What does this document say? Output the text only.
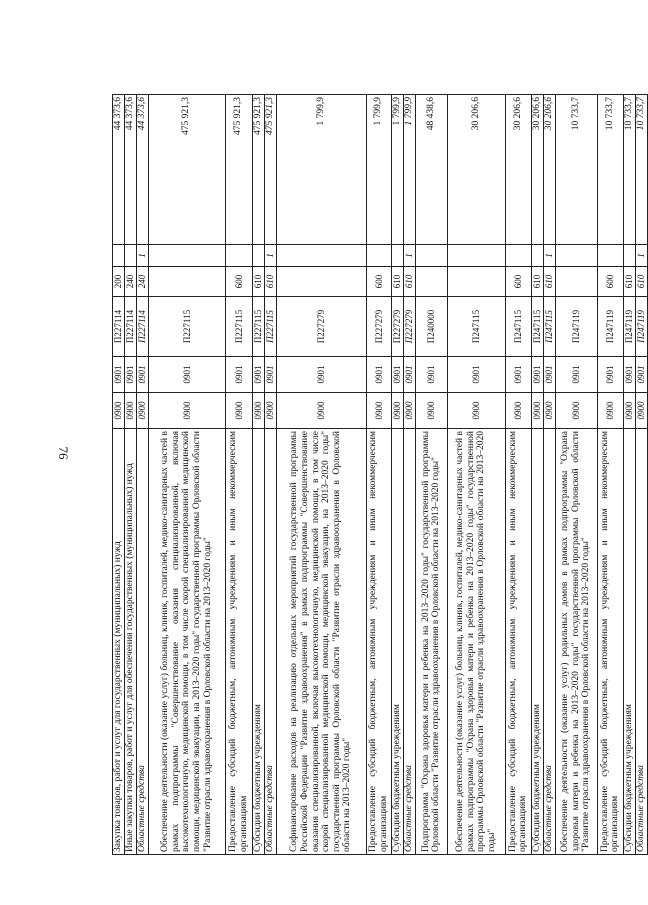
76
Закупка товаров, работ и услуг для государственных (муниципальных) нужд	0900	0901	П227114	200		44 373,6
Иные закупки товаров, работ и услуг для обеспечения государственных (муниципальных) нужд	0900	0901	П227114	240		44 373,6
Областные средства	0900	0901	П227114	240	1	44 373,6
Обеспечение деятельности (оказание услуг) больниц, клиник, госпиталей, медико-санитарных частей в рамках подпрограммы "Совершенствование оказания специализированной, включая высокотехнологичную, медицинской помощи, в том числе скорой специализированной медицинской помощи, медицинской эвакуации, на 2013–2020 годы" государственной программы Орловской области "Развитие отрасли здравоохранения в Орловской области на 2013–2020 годы"	0900	0901	П227115			475 921,3
Предоставление субсидий бюджетным, автономным учреждениям и иным некоммерческим организациям	0900	0901	П227115	600		475 921,3
Субсидии бюджетным учреждениям	0900	0901	П227115	610		475 921,3
Областные средства	0900	0901	П227115	610	1	475 921,3
Софинансирование расходов на реализацию отдельных мероприятий государственной программы Российской Федерации "Развитие здравоохранения" в рамках подпрограммы "Совершенствование оказания специализированной, включая высокотехнологичную, медицинской помощи, в том числе скорой специализированной медицинской помощи, медицинской эвакуации, на 2013–2020 годы" государственной программы Орловской области "Развитие отрасли здравоохранения в Орловской области на 2013–2020 годы"	0900	0901	П227279			1 799,9
Предоставление субсидий бюджетным, автономным учреждениям и иным некоммерческим организациям	0900	0901	П227279	600		1 799,9
Субсидии бюджетным учреждениям	0900	0901	П227279	610		1 799,9
Областные средства	0900	0901	П227279	610	1	1 799,9
Подпрограмма "Охрана здоровья матери и ребенка на 2013–2020 годы" государственной программы Орловской области "Развитие отрасли здравоохранения в Орловской области на 2013–2020 годы"	0900	0901	П240000			48 438,6
Обеспечение деятельности (оказание услуг) больниц, клиник, госпиталей, медико-санитарных частей в рамках подпрограммы "Охрана здоровья матери и ребенка на 2013–2020 годы" государственной программы Орловской области "Развитие отрасли здравоохранения в Орловской области на 2013–2020 годы"	0900	0901	П247115			30 206,6
Предоставление субсидий бюджетным, автономным учреждениям и иным некоммерческим организациям	0900	0901	П247115	600		30 206,6
Субсидии бюджетным учреждениям	0900	0901	П247115	610		30 206,6
Областные средства	0900	0901	П247115	610	1	30 206,6
Обеспечение деятельности (оказание услуг) родильных домов в рамках подпрограммы "Охрана здоровья матери и ребенка на 2013–2020 годы" государственной программы Орловской области "Развитие отрасли здравоохранения в Орловской области на 2013–2020 годы"	0900	0901	П247119			10 733,7
Предоставление субсидий бюджетным, автономным учреждениям и иным некоммерческим организациям	0900	0901	П247119	600		10 733,7
Субсидии бюджетным учреждениям	0900	0901	П247119	610		10 733,7
Областные средства	0900	0901	П247119	610	1	10 733,7
